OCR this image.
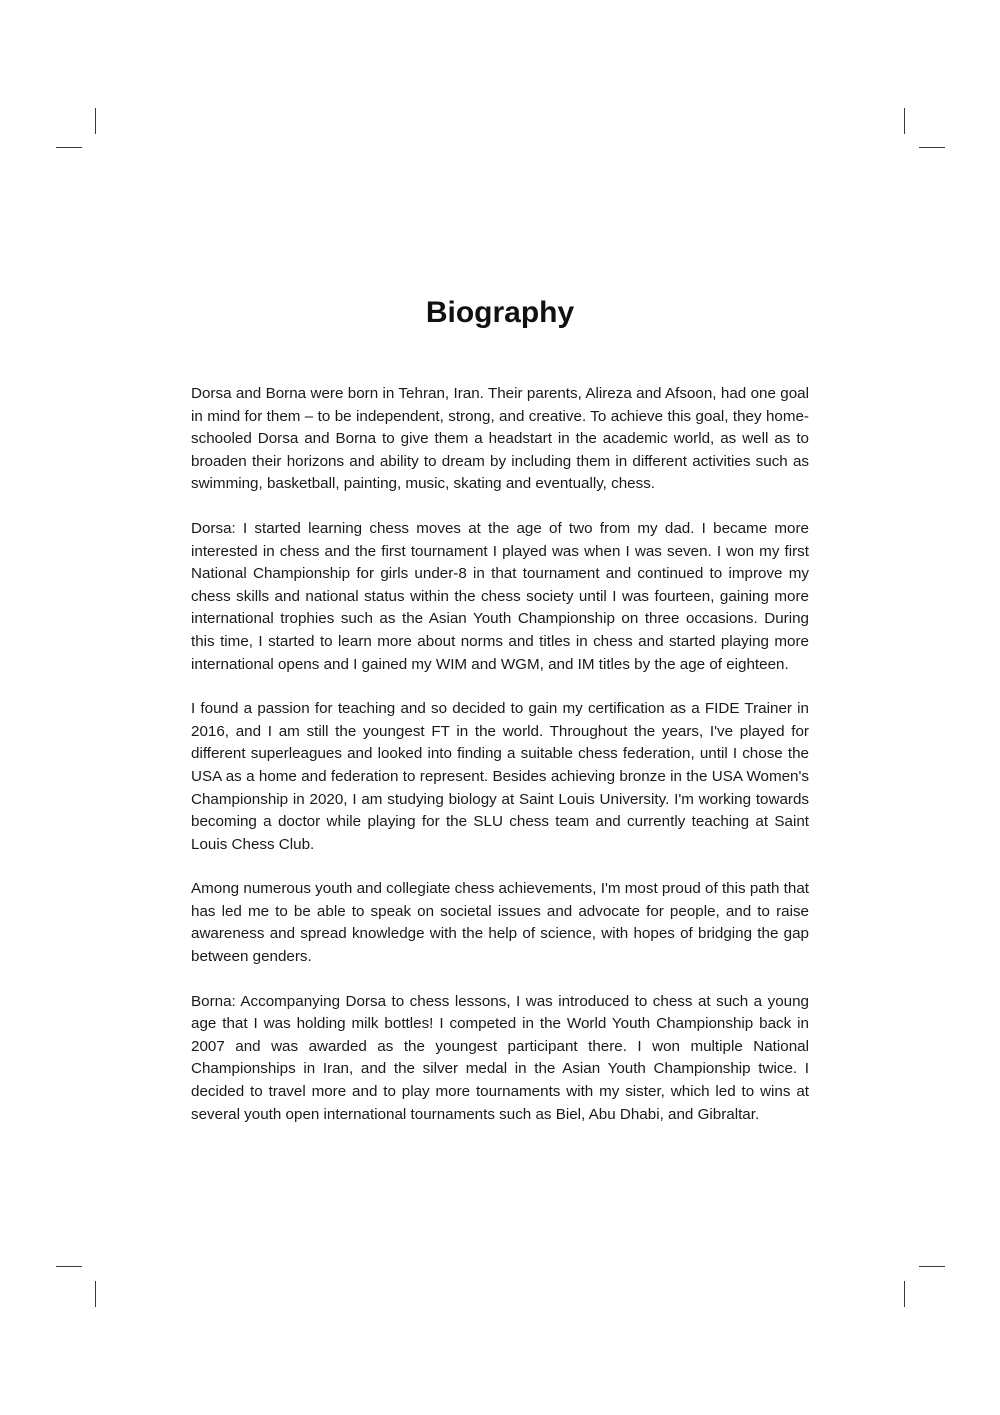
Biography

Dorsa and Borna were born in Tehran, Iran. Their parents, Alireza and Afsoon, had one goal in mind for them – to be independent, strong, and creative. To achieve this goal, they home-schooled Dorsa and Borna to give them a headstart in the academic world, as well as to broaden their horizons and ability to dream by including them in different activities such as swimming, basketball, painting, music, skating and eventually, chess.

Dorsa: I started learning chess moves at the age of two from my dad. I became more interested in chess and the first tournament I played was when I was seven. I won my first National Championship for girls under-8 in that tournament and continued to improve my chess skills and national status within the chess society until I was fourteen, gaining more international trophies such as the Asian Youth Championship on three occasions. During this time, I started to learn more about norms and titles in chess and started playing more international opens and I gained my WIM and WGM, and IM titles by the age of eighteen.

I found a passion for teaching and so decided to gain my certification as a FIDE Trainer in 2016, and I am still the youngest FT in the world. Throughout the years, I've played for different superleagues and looked into finding a suitable chess federation, until I chose the USA as a home and federation to represent. Besides achieving bronze in the USA Women's Championship in 2020, I am studying biology at Saint Louis University. I'm working towards becoming a doctor while playing for the SLU chess team and currently teaching at Saint Louis Chess Club.

Among numerous youth and collegiate chess achievements, I'm most proud of this path that has led me to be able to speak on societal issues and advocate for people, and to raise awareness and spread knowledge with the help of science, with hopes of bridging the gap between genders.

Borna: Accompanying Dorsa to chess lessons, I was introduced to chess at such a young age that I was holding milk bottles! I competed in the World Youth Championship back in 2007 and was awarded as the youngest participant there. I won multiple National Championships in Iran, and the silver medal in the Asian Youth Championship twice. I decided to travel more and to play more tournaments with my sister, which led to wins at several youth open international tournaments such as Biel, Abu Dhabi, and Gibraltar.
